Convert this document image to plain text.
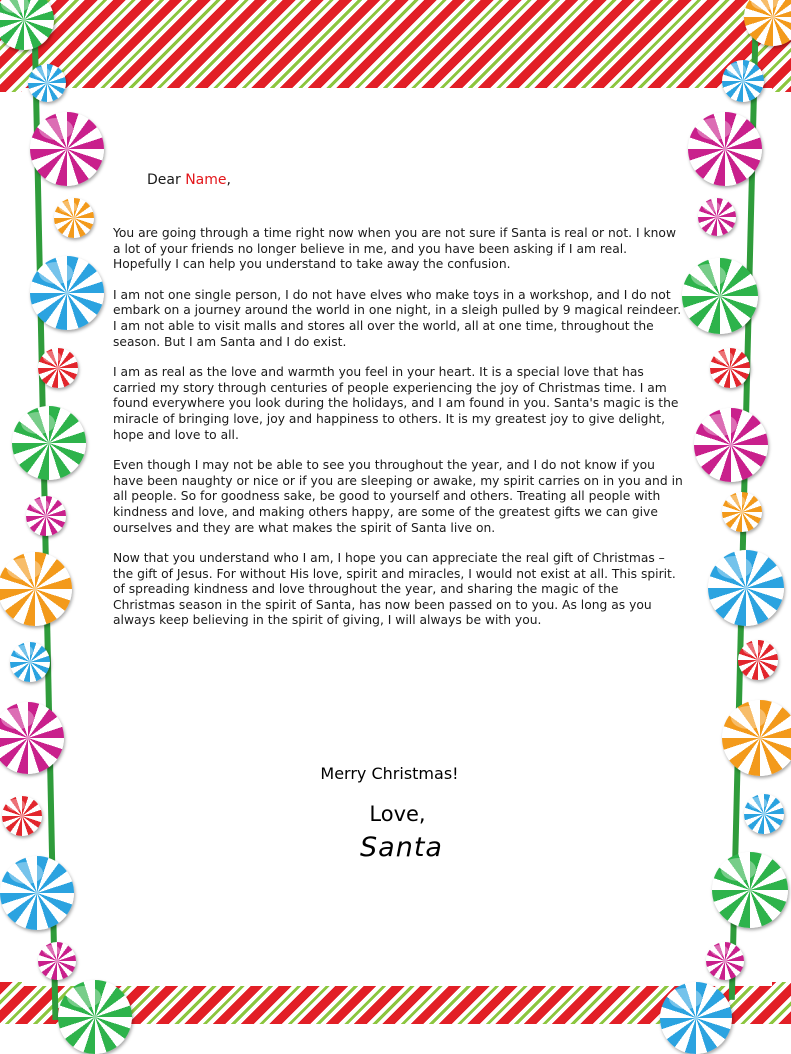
Dear Name,

You are going through a time right now when you are not sure if Santa is real or not. I know a lot of your friends no longer believe in me, and you have been asking if I am real. Hopefully I can help you understand to take away the confusion.

I am not one single person, I do not have elves who make toys in a workshop, and I do not embark on a journey around the world in one night, in a sleigh pulled by 9 magical reindeer. I am not able to visit malls and stores all over the world, all at one time, throughout the season. But I am Santa and I do exist.

I am as real as the love and warmth you feel in your heart. It is a special love that has carried my story through centuries of people experiencing the joy of Christmas time. I am found everywhere you look during the holidays, and I am found in you. Santa's magic is the miracle of bringing love, joy and happiness to others. It is my greatest joy to give delight, hope and love to all.

Even though I may not be able to see you throughout the year, and I do not know if you have been naughty or nice or if you are sleeping or awake, my spirit carries on in you and in all people. So for goodness sake, be good to yourself and others. Treating all people with kindness and love, and making others happy, are some of the greatest gifts we can give ourselves and they are what makes the spirit of Santa live on.

Now that you understand who I am, I hope you can appreciate the real gift of Christmas – the gift of Jesus. For without His love, spirit and miracles, I would not exist at all. This spirit. of spreading kindness and love throughout the year, and sharing the magic of the Christmas season in the spirit of Santa, has now been passed on to you. As long as you always keep believing in the spirit of giving, I will always be with you.

Merry Christmas!
Love,
Santa
